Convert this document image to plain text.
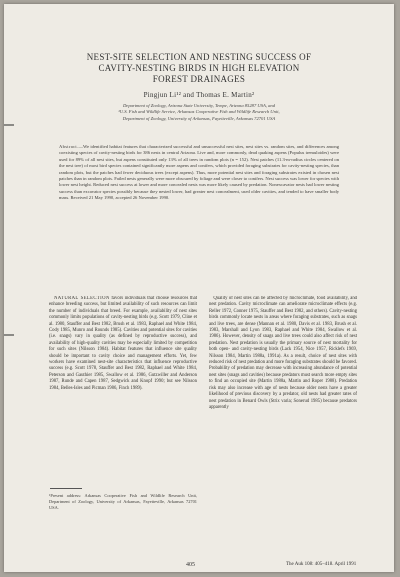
NEST-SITE SELECTION AND NESTING SUCCESS OF
CAVITY-NESTING BIRDS IN HIGH ELEVATION
FOREST DRAINAGES
Pingjun Li¹² and Thomas E. Martin²
Department of Zoology, Arizona State University, Tempe, Arizona 85287 USA, and
²U.S. Fish and Wildlife Service, Arkansas Cooperative Fish and Wildlife Research Unit,
Department of Zoology, University of Arkansas, Fayetteville, Arkansas 72701 USA
Abstract.—We identified habitat features that characterized successful and unsuccessful nest sites, nest sites vs. random sites, and differences among coexisting species of cavity-nesting birds for 386 nests in central Arizona. Live and, more commonly, dead quaking aspens (Populus tremuloides) were used for 89% of all nest sites, but aspens constituted only 13% of all trees in random plots (n = 152). Nest patches (11.3-m-radius circles centered on the nest tree) of most bird species contained significantly more aspens and conifers, which provided foraging substrates for cavity-nesting species, than random plots, but the patches had fewer deciduous trees (except aspens). Thus, more potential nest sites and foraging substrates existed in chosen nest patches than in random plots. Failed nests generally were more obscured by foliage and were closer to conifers. Nest success was lower for species with lower nest height. Reduced nest success at lower and more concealed nests was more likely caused by predation. Nonexcavator nests had lower nesting success than excavator species possibly because they nested lower, had greater nest concealment, used older cavities, and tended to have smaller body mass. Received 21 May 1990, accepted 26 November 1990.
NATURAL SELECTION favors individuals that choose resources that enhance breeding success, but limited availability of such resources can limit the number of individuals that breed. For example, availability of nest sites commonly limits populations of cavity-nesting birds (e.g. Scott 1979, Cline et al. 1980, Stauffer and Best 1982, Brush et al. 1983, Raphael and White 1984, Cody 1985, Munro and Rounds 1985). Cavities and potential sites for cavities (i.e. snags) vary in quality (as defined by reproductive success), and availability of high-quality cavities may be especially limited by competition for such sites (Nilsson 1984). Habitat features that influence site quality should be important to cavity choice and management efforts. Yet, few workers have examined nest-site characteristics that influence reproductive success (e.g. Scott 1978, Stauffer and Best 1982, Raphael and White 1984, Peterson and Gauthier 1985, Swallow et al. 1986, Gutzwiller and Anderson 1987, Runde and Capen 1987, Sedgwick and Knopf 1990; but see Nilsson 1984, Belles-Isles and Picman 1986, Finch 1989).
Quality of nest sites can be affected by microclimate, food availability, and nest predation. Cavity microclimate can ameliorate microclimate effects (e.g. Reller 1972, Conner 1975, Stauffer and Best 1982, and others). Cavity-nesting birds commonly locate nests in areas where foraging substrates, such as snags and live trees, are dense (Mannan et al. 1980, Davis et al. 1983, Brush et al. 1983, Marshall and Lyon 1983, Raphael and White 1984, Swallow et al. 1986). However, density of snags and live trees could also affect risk of nest predation. Nest predation is usually the primary source of nest mortality for both open- and cavity-nesting birds (Lack 1954, Nice 1957, Ricklefs 1969, Nilsson 1984, Martin 1988a, 1991a). As a result, choice of nest sites with reduced risk of nest predation and more foraging substrates should be favored. Probability of predation may decrease with increasing abundance of potential nest sites (snags and cavities) because predators must search more empty sites to find an occupied site (Martin 1988a, Martin and Roper 1988). Predation risk may also increase with age of nests because older nests have a greater likelihood of previous discovery by a predator, old nests had greater rates of nest predation in Benard Owls (Strix varia; Sonerud 1985) because predators apparently
¹Present address: Arkansas Cooperative Fish and Wildlife Research Unit, Department of Zoology, University of Arkansas, Fayetteville, Arkansas 72701 USA.
405	The Auk 108: 405–418. April 1991
